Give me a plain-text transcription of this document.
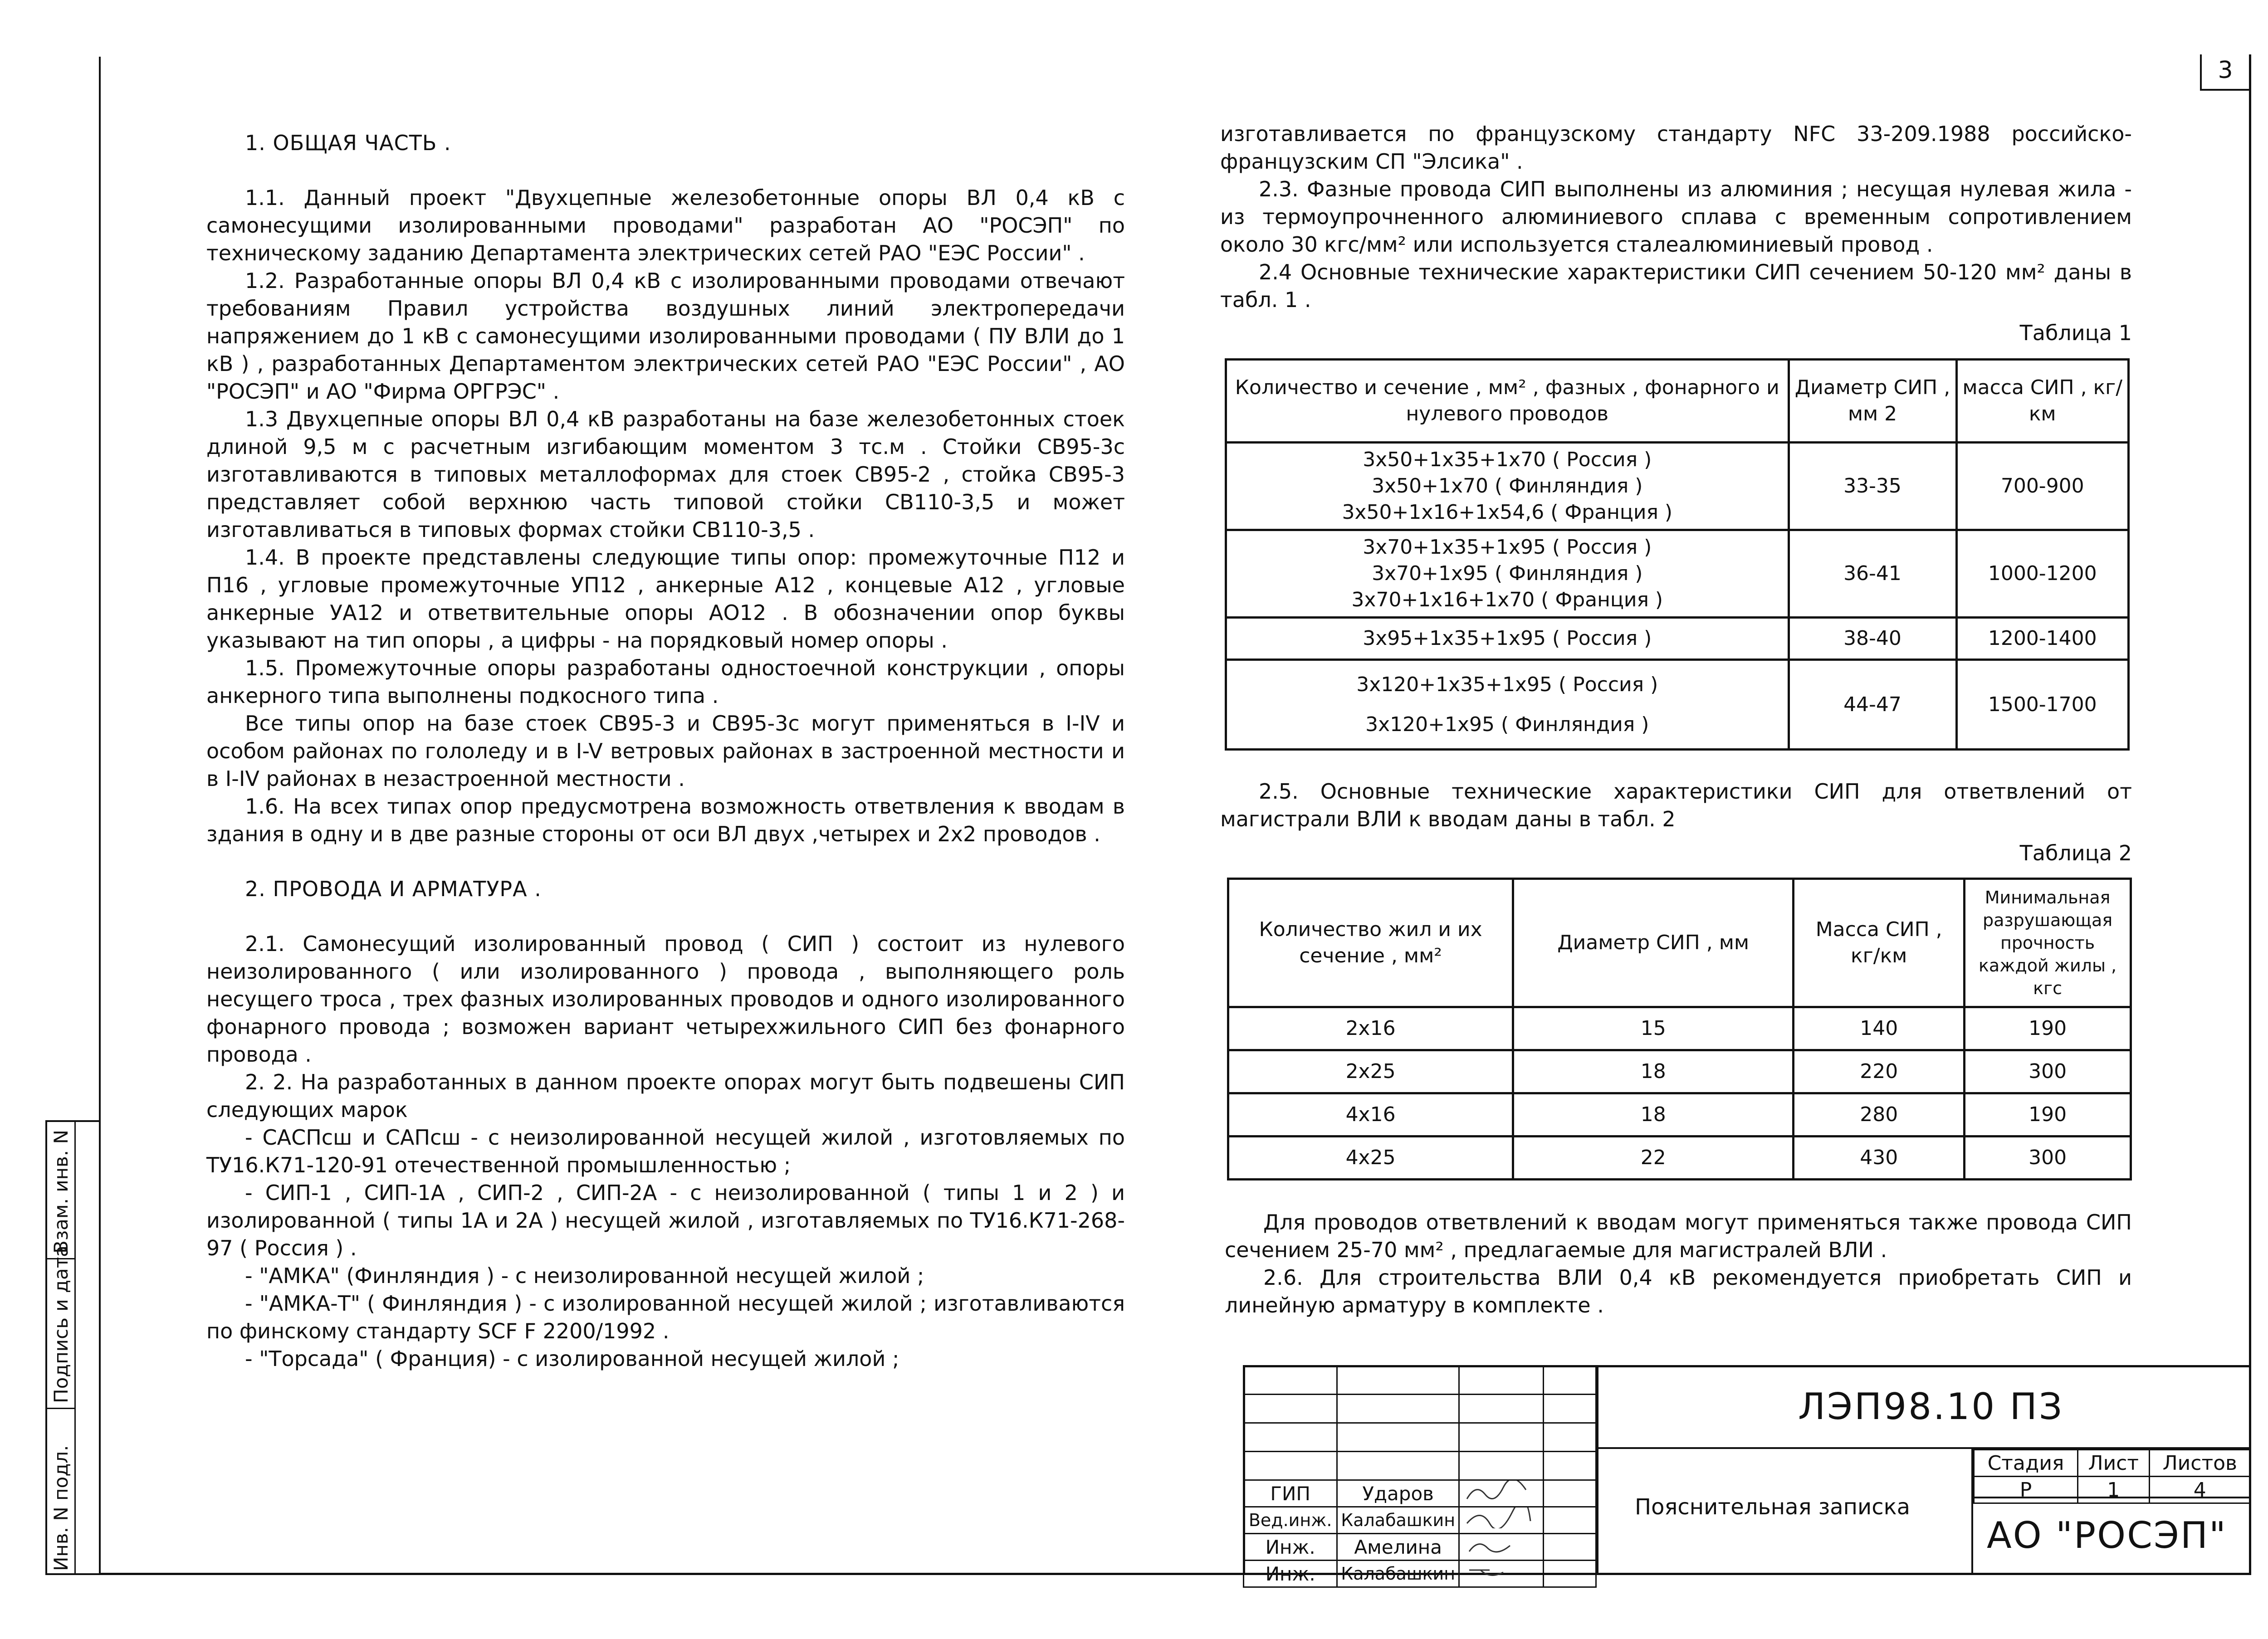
3

1. ОБЩАЯ ЧАСТЬ .

1.1. Данный проект "Двухцепные железобетонные опоры ВЛ 0,4 кВ с самонесущими изолированными проводами" разработан АО "РОСЭП" по техническому заданию Департамента электрических сетей РАО "ЕЭС России" .

1.2. Разработанные опоры ВЛ 0,4 кВ с изолированными проводами отвечают требованиям Правил устройства воздушных линий электропередачи напряжением до 1 кВ с самонесущими изолированными проводами ( ПУ ВЛИ до 1 кВ ) , разработанных Департаментом электрических сетей РАО "ЕЭС России" , АО "РОСЭП" и АО "Фирма ОРГРЭС" .

1.3 Двухцепные опоры ВЛ 0,4 кВ разработаны на базе железобетонных стоек длиной 9,5 м с расчетным изгибающим моментом 3 тс.м . Стойки СВ95-3с изготавливаются в типовых металлоформах для стоек СВ95-2 , стойка СВ95-3 представляет собой верхнюю часть типовой стойки СВ110-3,5 и может изготавливаться в типовых формах стойки СВ110-3,5 .

1.4. В проекте представлены следующие типы опор: промежуточные П12 и П16 , угловые промежуточные УП12 , анкерные А12 , концевые А12 , угловые анкерные УА12 и ответвительные опоры АО12 . В обозначении опор буквы указывают на тип опоры , а цифры - на порядковый номер опоры .

1.5. Промежуточные опоры разработаны одностоечной конструкции , опоры анкерного типа выполнены подкосного типа .

Все типы опор на базе стоек СВ95-3 и СВ95-3с могут применяться в I-IV и особом районах по гололеду и в I-V ветровых районах в застроенной местности и в I-IV районах в незастроенной местности .

1.6. На всех типах опор предусмотрена возможность ответвления к вводам в здания в одну и в две разные стороны от оси ВЛ двух ,четырех и 2х2 проводов .

2. ПРОВОДА И АРМАТУРА .

2.1. Самонесущий изолированный провод ( СИП ) состоит из нулевого неизолированного ( или изолированного ) провода , выполняющего роль несущего троса , трех фазных изолированных проводов и одного изолированного фонарного провода ; возможен вариант четырехжильного СИП без фонарного провода .

2. 2. На разработанных в данном проекте опорах могут быть подвешены СИП следующих марок

- САСПсш и САПсш - с неизолированной несущей жилой , изготовляемых по ТУ16.К71-120-91 отечественной промышленностью ;

- СИП-1 , СИП-1А , СИП-2 , СИП-2А - с неизолированной ( типы 1 и 2 ) и изолированной ( типы 1А и 2А ) несущей жилой , изготавляемых по ТУ16.К71-268-97 ( Россия ) .

- "АМКА" (Финляндия ) - с неизолированной несущей жилой ;

- "АМКА-Т" ( Финляндия ) - с изолированной несущей жилой ; изготавливаются по финскому стандарту SCF F 2200/1992 .

- "Торсада" ( Франция) - с изолированной несущей жилой ;

изготавливается по французскому стандарту NFC 33-209.1988 российско-французским СП "Элсика" .

2.3. Фазные провода СИП выполнены из алюминия ; несущая нулевая жила - из термоупрочненного алюминиевого сплава с временным сопротивлением около 30 кгс/мм² или используется сталеалюминиевый провод .

2.4 Основные технические характеристики СИП сечением 50-120 мм² даны в табл. 1 .

Таблица 1
Количество и сечение , мм² , фазных , фонарного и нулевого проводов	Диаметр СИП , мм 2	масса СИП , кг/км

3x50+1x35+1x70 ( Россия )
3x50+1x70 ( Финляндия )
3x50+1x16+1x54,6 ( Франция )	33-35	700-900

3x70+1x35+1x95 ( Россия )
3x70+1x95 ( Финляндия )
3x70+1x16+1x70 ( Франция )	36-41	1000-1200

3x95+1x35+1x95 ( Россия )	38-40	1200-1400

3x120+1x35+1x95 ( Россия )
3x120+1x95 ( Финляндия )	44-47	1500-1700

2.5. Основные технические характеристики СИП для ответвлений от магистрали ВЛИ к вводам даны в табл. 2

Таблица 2
Количество жил и их сечение , мм²	Диаметр СИП , мм	Масса СИП , кг/км	Минимальная разрушающая прочность каждой жилы , кгс
2x16	15	140	190
2x25	18	220	300
4x16	18	280	190
4x25	22	430	300

Для проводов ответвлений к вводам могут применяться также провода СИП сечением 25-70 мм² , предлагаемые для магистралей ВЛИ .

2.6. Для строительства ВЛИ 0,4 кВ рекомендуется приобретать СИП и линейную арматуру в комплекте .

Взам. инв. N
Подпись и дата
Инв. N подл.

				ГИП	Ударов		
Вед.инж.	Калабашкин		
Инж.	Амелина		
Инж.	Калабашкин		
ЛЭП98.10 ПЗ
Пояснительная записка
Стадия	Лист	Листов
Р	1	4
АО "РОСЭП"
